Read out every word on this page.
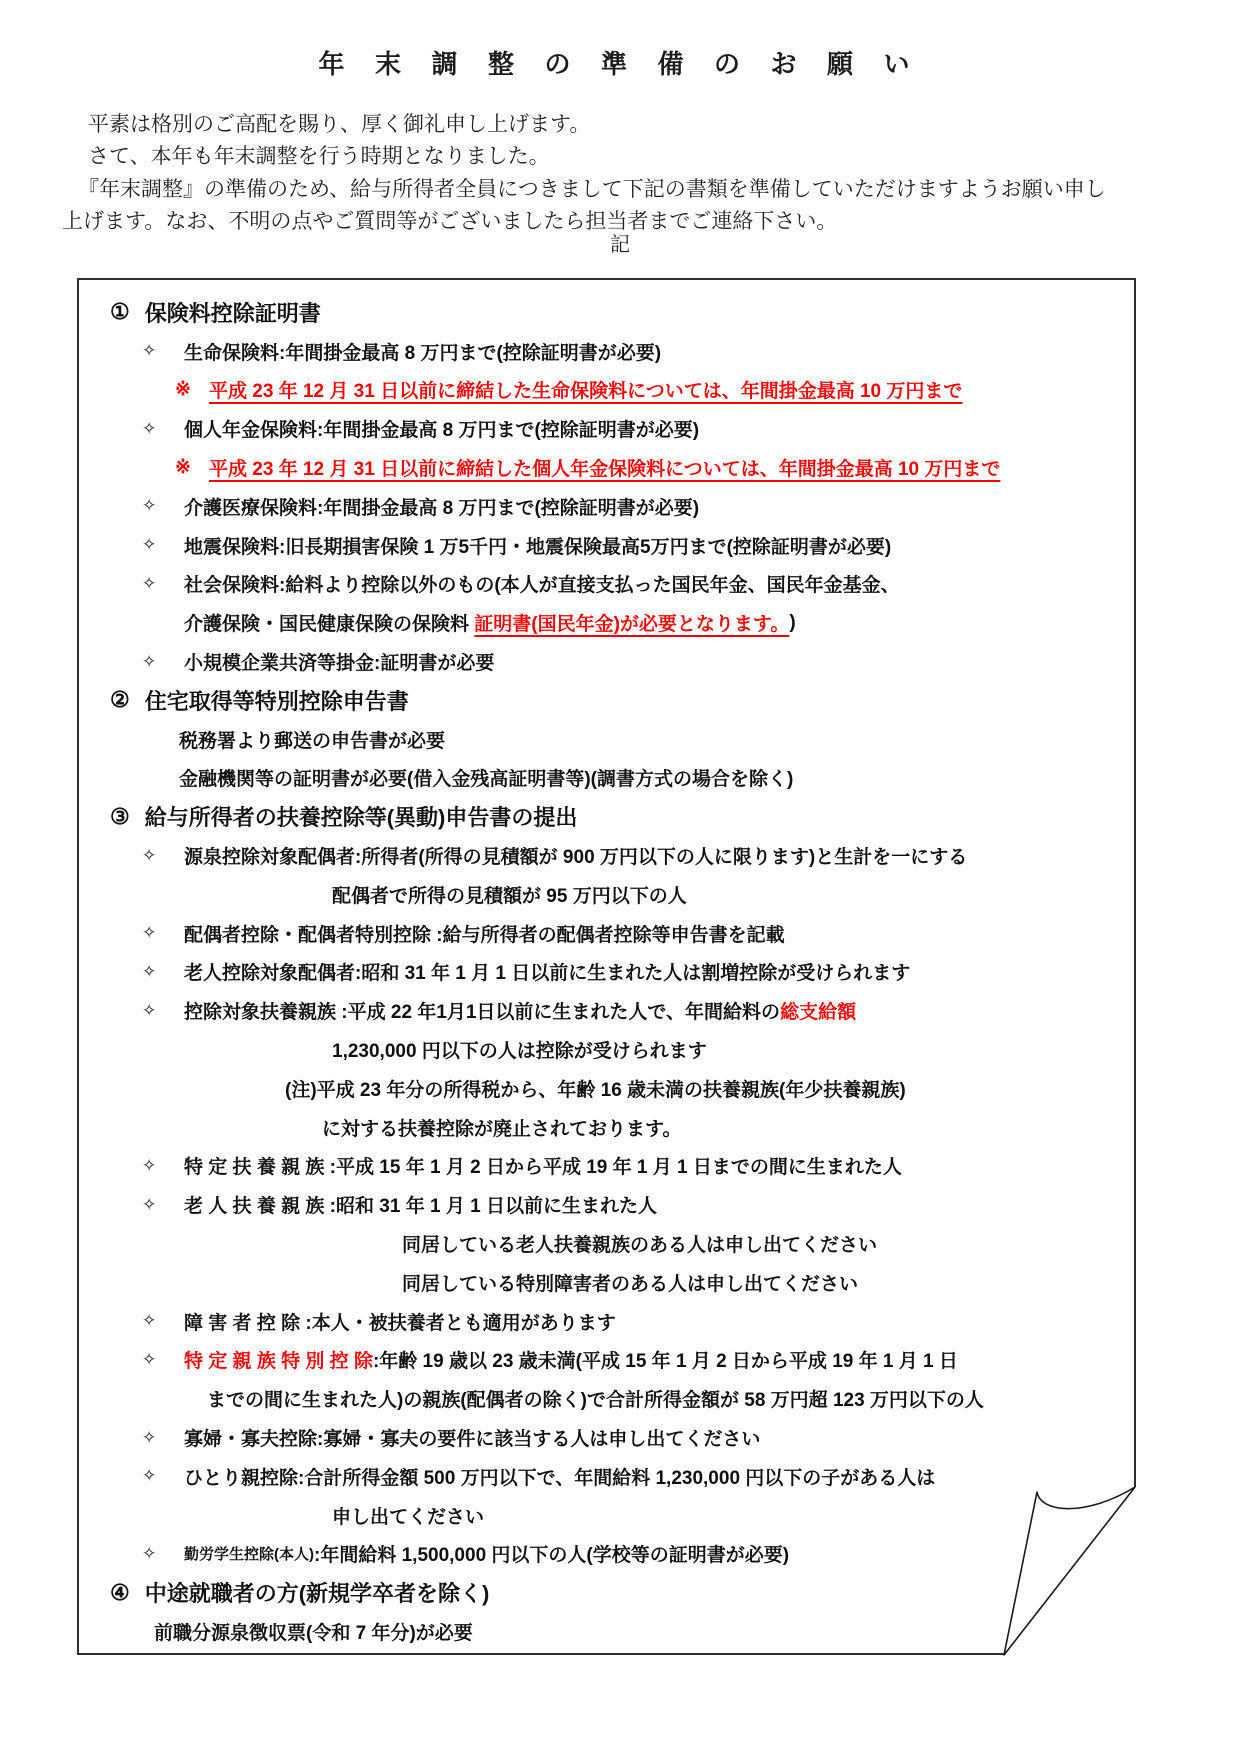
年 末 調 整 の 準 備 の お 願 い
平素は格別のご高配を賜り、厚く御礼申し上げます。
さて、本年も年末調整を行う時期となりました。
『年末調整』の準備のため、給与所得者全員につきまして下記の書類を準備していただけますようお願い申し
上げます。なお、不明の点やご質問等がございましたら担当者までご連絡下さい。
記
① 保険料控除証明書
✧	生命保険料:年間掛金最高 8 万円まで(控除証明書が必要)
※ 平成 23 年 12 月 31 日以前に締結した生命保険料については、年間掛金最高 10 万円まで
✧	個人年金保険料:年間掛金最高 8 万円まで(控除証明書が必要)
※ 平成 23 年 12 月 31 日以前に締結した個人年金保険料については、年間掛金最高 10 万円まで
✧	介護医療保険料:年間掛金最高 8 万円まで(控除証明書が必要)
✧	地震保険料:旧長期損害保険 1 万5千円・地震保険最高5万円まで(控除証明書が必要)
✧	社会保険料:給料より控除以外のもの(本人が直接支払った国民年金、国民年金基金、
介護保険・国民健康保険の保険料 証明書(国民年金)が必要となります。 )
✧	小規模企業共済等掛金:証明書が必要
② 住宅取得等特別控除申告書
税務署より郵送の申告書が必要
金融機関等の証明書が必要(借入金残高証明書等)(調書方式の場合を除く)
③ 給与所得者の扶養控除等(異動)申告書の提出
✧	源泉控除対象配偶者:所得者(所得の見積額が 900 万円以下の人に限ります)と生計を一にする
配偶者で所得の見積額が 95 万円以下の人
✧	配偶者控除・配偶者特別控除 :給与所得者の配偶者控除等申告書を記載
✧	老人控除対象配偶者:昭和 31 年 1 月 1 日以前に生まれた人は割増控除が受けられます
✧	控除対象扶養親族 :平成 22 年1月1日以前に生まれた人で、年間給料の 総支給額
1,230,000 円以下の人は控除が受けられます
(注)平成 23 年分の所得税から、年齢 16 歳未満の扶養親族(年少扶養親族)
に対する扶養控除が廃止されております。
✧	特 定 扶 養 親 族 :平成 15 年 1 月 2 日から平成 19 年 1 月 1 日までの間に生まれた人
✧	老 人 扶 養 親 族 :昭和 31 年 1 月 1 日以前に生まれた人
同居している老人扶養親族のある人は申し出てください
同居している特別障害者のある人は申し出てください
✧	障 害 者 控 除 :本人・被扶養者とも適用があります
✧	特 定 親 族 特 別 控 除 :年齢 19 歳以 23 歳未満(平成 15 年 1 月 2 日から平成 19 年 1 月 1 日
までの間に生まれた人)の親族(配偶者の除く)で合計所得金額が 58 万円超 123 万円以下の人
✧	寡婦・寡夫控除:寡婦・寡夫の要件に該当する人は申し出てください
✧	ひとり親控除:合計所得金額 500 万円以下で、年間給料 1,230,000 円以下の子がある人は
申し出てください
✧	勤労学生控除(本人) :年間給料 1,500,000 円以下の人(学校等の証明書が必要)
④ 中途就職者の方(新規学卒者を除く)
前職分源泉徴収票(令和 7 年分)が必要
